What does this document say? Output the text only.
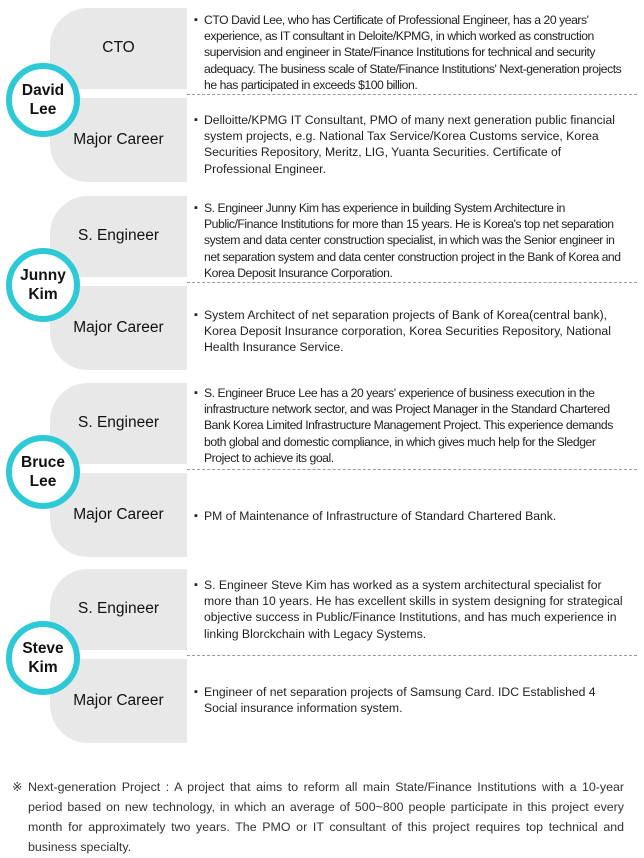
CTO
Major Career
David
Lee
▪ CTO David Lee, who has Certificate of Professional Engineer, has a 20 years' experience, as IT consultant in Deloite/KPMG, in which worked as construction supervision and engineer in State/Finance Institutions for technical and security adequacy. The business scale of State/Finance Institutions' Next-generation projects he has participated in exceeds $100 billion.
▪ Delloitte/KPMG IT Consultant, PMO of many next generation public financial system projects, e.g. National Tax Service/Korea Customs service, Korea Securities Repository, Meritz, LIG, Yuanta Securities. Certificate of Professional Engineer.
S. Engineer
Major Career
Junny
Kim
▪ S. Engineer Junny Kim has experience in building System Architecture in Public/Finance Institutions for more than 15 years. He is Korea's top net separation system and data center construction specialist, in which was the Senior engineer in net separation system and data center construction project in the Bank of Korea and Korea Deposit Insurance Corporation.
▪ System Architect of net separation projects of Bank of Korea(central bank), Korea Deposit Insurance corporation, Korea Securities Repository, National Health Insurance Service.
S. Engineer
Major Career
Bruce
Lee
▪ S. Engineer Bruce Lee has a 20 years' experience of business execution in the infrastructure network sector, and was Project Manager in the Standard Chartered Bank Korea Limited Infrastructure Management Project. This experience demands both global and domestic compliance, in which gives much help for the Sledger Project to achieve its goal.
▪ PM of Maintenance of Infrastructure of Standard Chartered Bank.
S. Engineer
Major Career
Steve
Kim
▪ S. Engineer Steve Kim has worked as a system architectural specialist for more than 10 years. He has excellent skills in system designing for strategical objective success in Public/Finance Institutions, and has much experience in linking Blorckchain with Legacy Systems.
▪ Engineer of net separation projects of Samsung Card. IDC Established 4 Social insurance information system.
※ Next-generation Project : A project that aims to reform all main State/Finance Institutions with a 10-year period based on new technology, in which an average of 500~800 people participate in this project every month for approximately two years. The PMO or IT consultant of this project requires top technical and business specialty.
